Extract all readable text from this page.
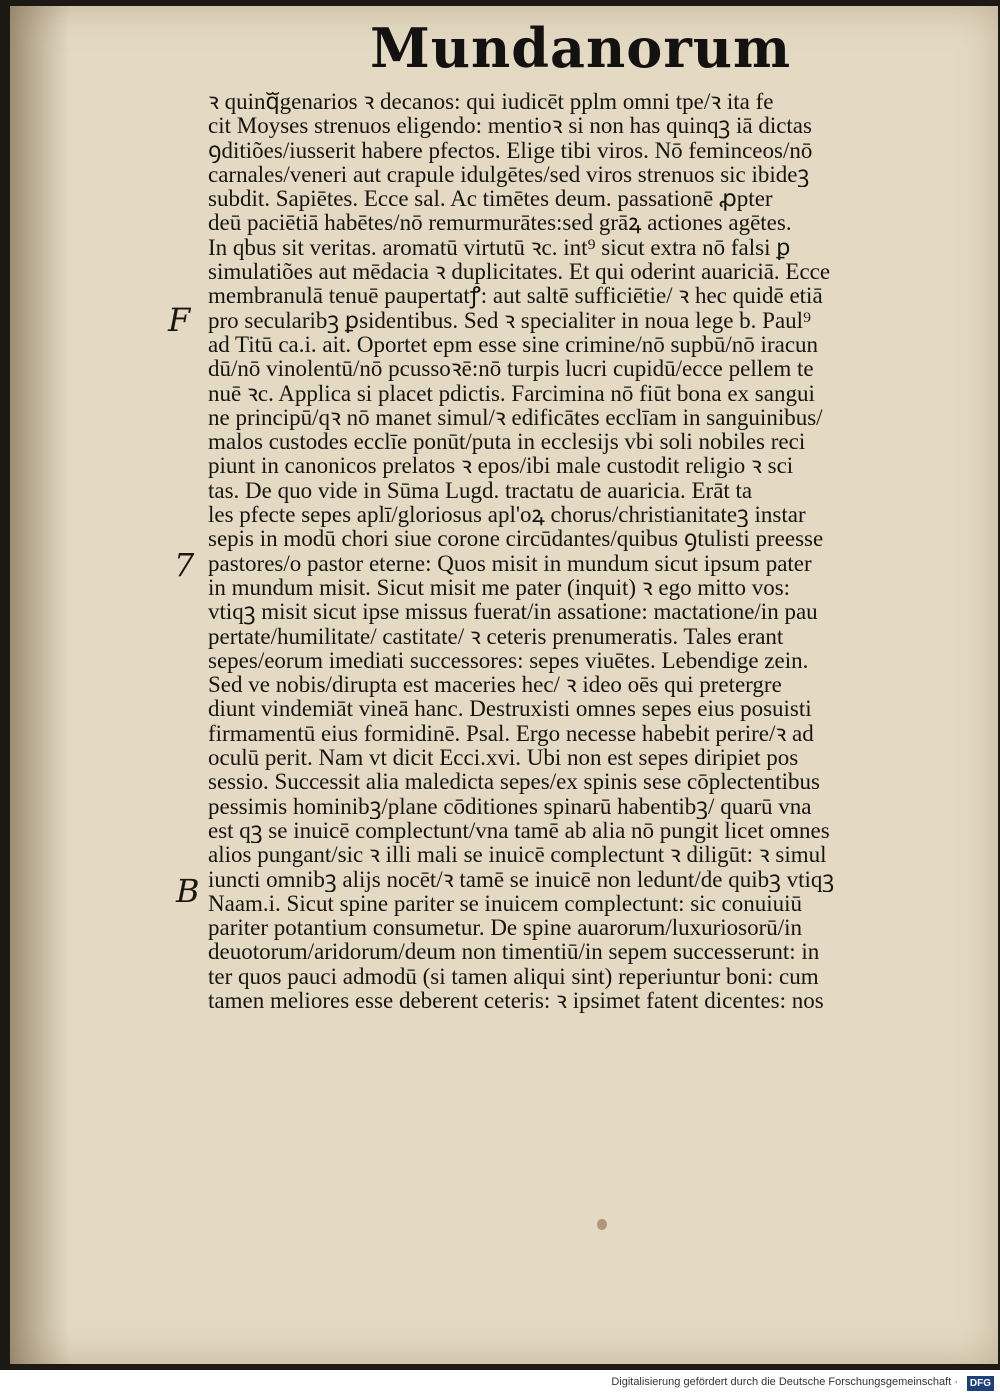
Mundanorum
F
7
B
ꝛ quinqᷓgenarios ꝛ decanos: qui iudicēt pplm omni tpe/ꝛ ita fe
cit Moyses strenuos eligendo: mentioꝛ si non has quinqꝫ iā dictas
ꝯditiões/iusserit habere pfectos. Elige tibi viros. Nō feminceos/nō
carnales/veneri aut crapule idulgētes/sed viros strenuos sic ibideꝫ
subdit. Sapiētes. Ecce sal. Ac timētes deum. passationē ꝓpter
deū paciētiā habētes/nō remurmurātes:sed grāꝝ actiones agētes.
In qbus sit veritas. aromatū virtutū ꝛc. int⁹ sicut extra nō falsi ꝑ
simulatiões aut mēdacia ꝛ duplicitates. Et qui oderint auariciā. Ecce
membranulā tenuē paupertatꝭ: aut saltē sufficiētie/ ꝛ hec quidē etiā
pro secularibꝫ ꝑsidentibus. Sed ꝛ specialiter in noua lege b. Paul⁹
ad Titū ca.i. ait. Oportet epm esse sine crimine/nō supbū/nō iracun
dū/nō vinolentū/nō pcussoꝛē:nō turpis lucri cupidū/ecce pellem te
nuē ꝛc. Applica si placet pdictis. Farcimina nō fiūt bona ex sangui
ne principū/qꝛ nō manet simul/ꝛ edificātes ecclīam in sanguinibus/
malos custodes ecclīe ponūt/puta in ecclesijs vbi soli nobiles reci
piunt in canonicos prelatos ꝛ epos/ibi male custodit religio ꝛ sci
tas. De quo vide in Sūma Lugd. tractatu de auaricia. Erāt ta
les pfecte sepes aplī/gloriosus apl'oꝝ chorus/christianitateꝫ instar
sepis in modū chori siue corone circūdantes/quibus ꝯtulisti preesse
pastores/o pastor eterne: Quos misit in mundum sicut ipsum pater
in mundum misit. Sicut misit me pater (inquit) ꝛ ego mitto vos:
vtiqꝫ misit sicut ipse missus fuerat/in assatione: mactatione/in pau
pertate/humilitate/ castitate/ ꝛ ceteris prenumeratis. Tales erant
sepes/eorum imediati successores: sepes viuētes. Lebendige zein.
Sed ve nobis/dirupta est maceries hec/ ꝛ ideo oēs qui pretergre
diunt vindemiāt vineā hanc. Destruxisti omnes sepes eius posuisti
firmamentū eius formidinē. Psal. Ergo necesse habebit perire/ꝛ ad
oculū perit. Nam vt dicit Ecci.xvi. Ubi non est sepes diripiet pos
sessio. Successit alia maledicta sepes/ex spinis sese cōplectentibus
pessimis hominibꝫ/plane cōditiones spinarū habentibꝫ/ quarū vna
est qꝫ se inuicē complectunt/vna tamē ab alia nō pungit licet omnes
alios pungant/sic ꝛ illi mali se inuicē complectunt ꝛ diligūt: ꝛ simul
iuncti omnibꝫ alijs nocēt/ꝛ tamē se inuicē non ledunt/de quibꝫ vtiqꝫ
Naam.i. Sicut spine pariter se inuicem complectunt: sic conuiuiū
pariter potantium consumetur. De spine auarorum/luxuriosorū/in
deuotorum/aridorum/deum non timentiū/in sepem successerunt: in
ter quos pauci admodū (si tamen aliqui sint) reperiuntur boni: cum
tamen meliores esse deberent ceteris: ꝛ ipsimet fatent dicentes: nos
Digitalisierung gefördert durch die Deutsche Forschungsgemeinschaft ·	DFG
